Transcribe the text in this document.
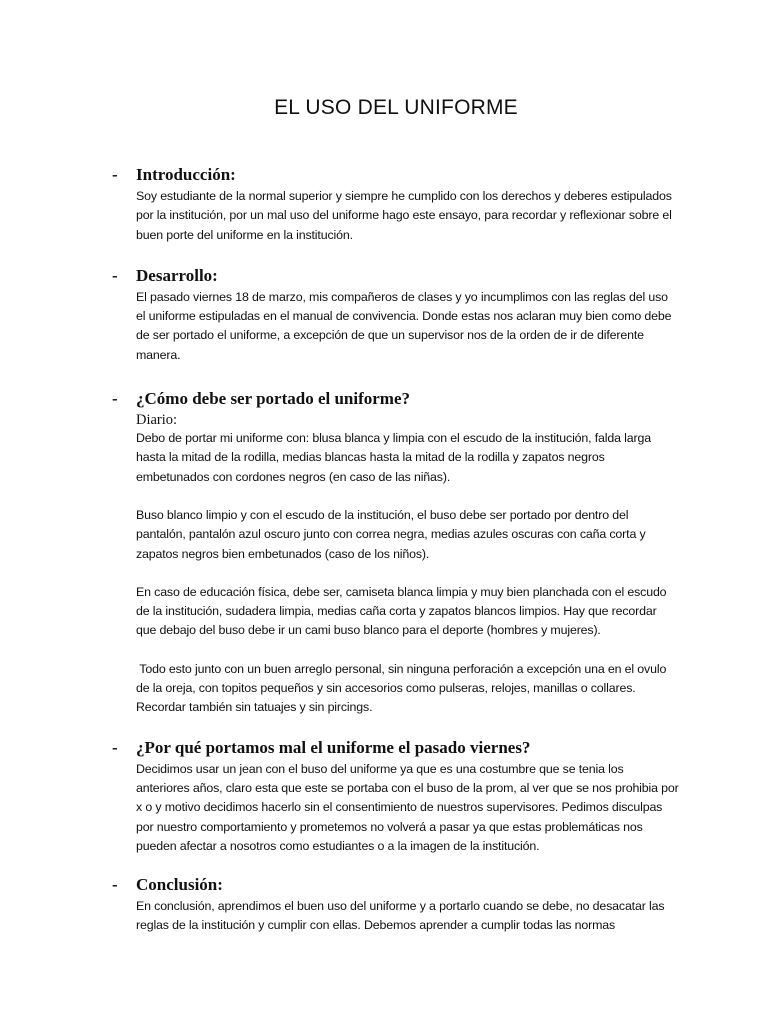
EL USO DEL UNIFORME
- Introducción:

Soy estudiante de la normal superior y siempre he cumplido con los derechos y deberes estipulados por la institución, por un mal uso del uniforme hago este ensayo, para recordar y reflexionar sobre el buen porte del uniforme en la institución.

- Desarrollo:

El pasado viernes 18 de marzo, mis compañeros de clases y yo incumplimos con las reglas del uso el uniforme estipuladas en el manual de convivencia. Donde estas nos aclaran muy bien como debe de ser portado el uniforme, a excepción de que un supervisor nos de la orden de ir de diferente manera.

- ¿Cómo debe ser portado el uniforme?
Diario:

Debo de portar mi uniforme con: blusa blanca y limpia con el escudo de la institución, falda larga hasta la mitad de la rodilla, medias blancas hasta la mitad de la rodilla y zapatos negros embetunados con cordones negros (en caso de las niñas).

Buso blanco limpio y con el escudo de la institución, el buso debe ser portado por dentro del pantalón, pantalón azul oscuro junto con correa negra, medias azules oscuras con caña corta y zapatos negros bien embetunados (caso de los niños).

En caso de educación física, debe ser, camiseta blanca limpia y muy bien planchada con el escudo de la institución, sudadera limpia, medias caña corta y zapatos blancos limpios. Hay que recordar que debajo del buso debe ir un cami buso blanco para el deporte (hombres y mujeres).

Todo esto junto con un buen arreglo personal, sin ninguna perforación a excepción una en el ovulo de la oreja, con topitos pequeños y sin accesorios como pulseras, relojes, manillas o collares. Recordar también sin tatuajes y sin pircings.

- ¿Por qué portamos mal el uniforme el pasado viernes?

Decidimos usar un jean con el buso del uniforme ya que es una costumbre que se tenia los anteriores años, claro esta que este se portaba con el buso de la prom, al ver que se nos prohibia por x o y motivo decidimos hacerlo sin el consentimiento de nuestros supervisores. Pedimos disculpas por nuestro comportamiento y prometemos no volverá a pasar ya que estas problemáticas nos pueden afectar a nosotros como estudiantes o a la imagen de la institución.

- Conclusión:

En conclusión, aprendimos el buen uso del uniforme y a portarlo cuando se debe, no desacatar las reglas de la institución y cumplir con ellas. Debemos aprender a cumplir todas las normas
